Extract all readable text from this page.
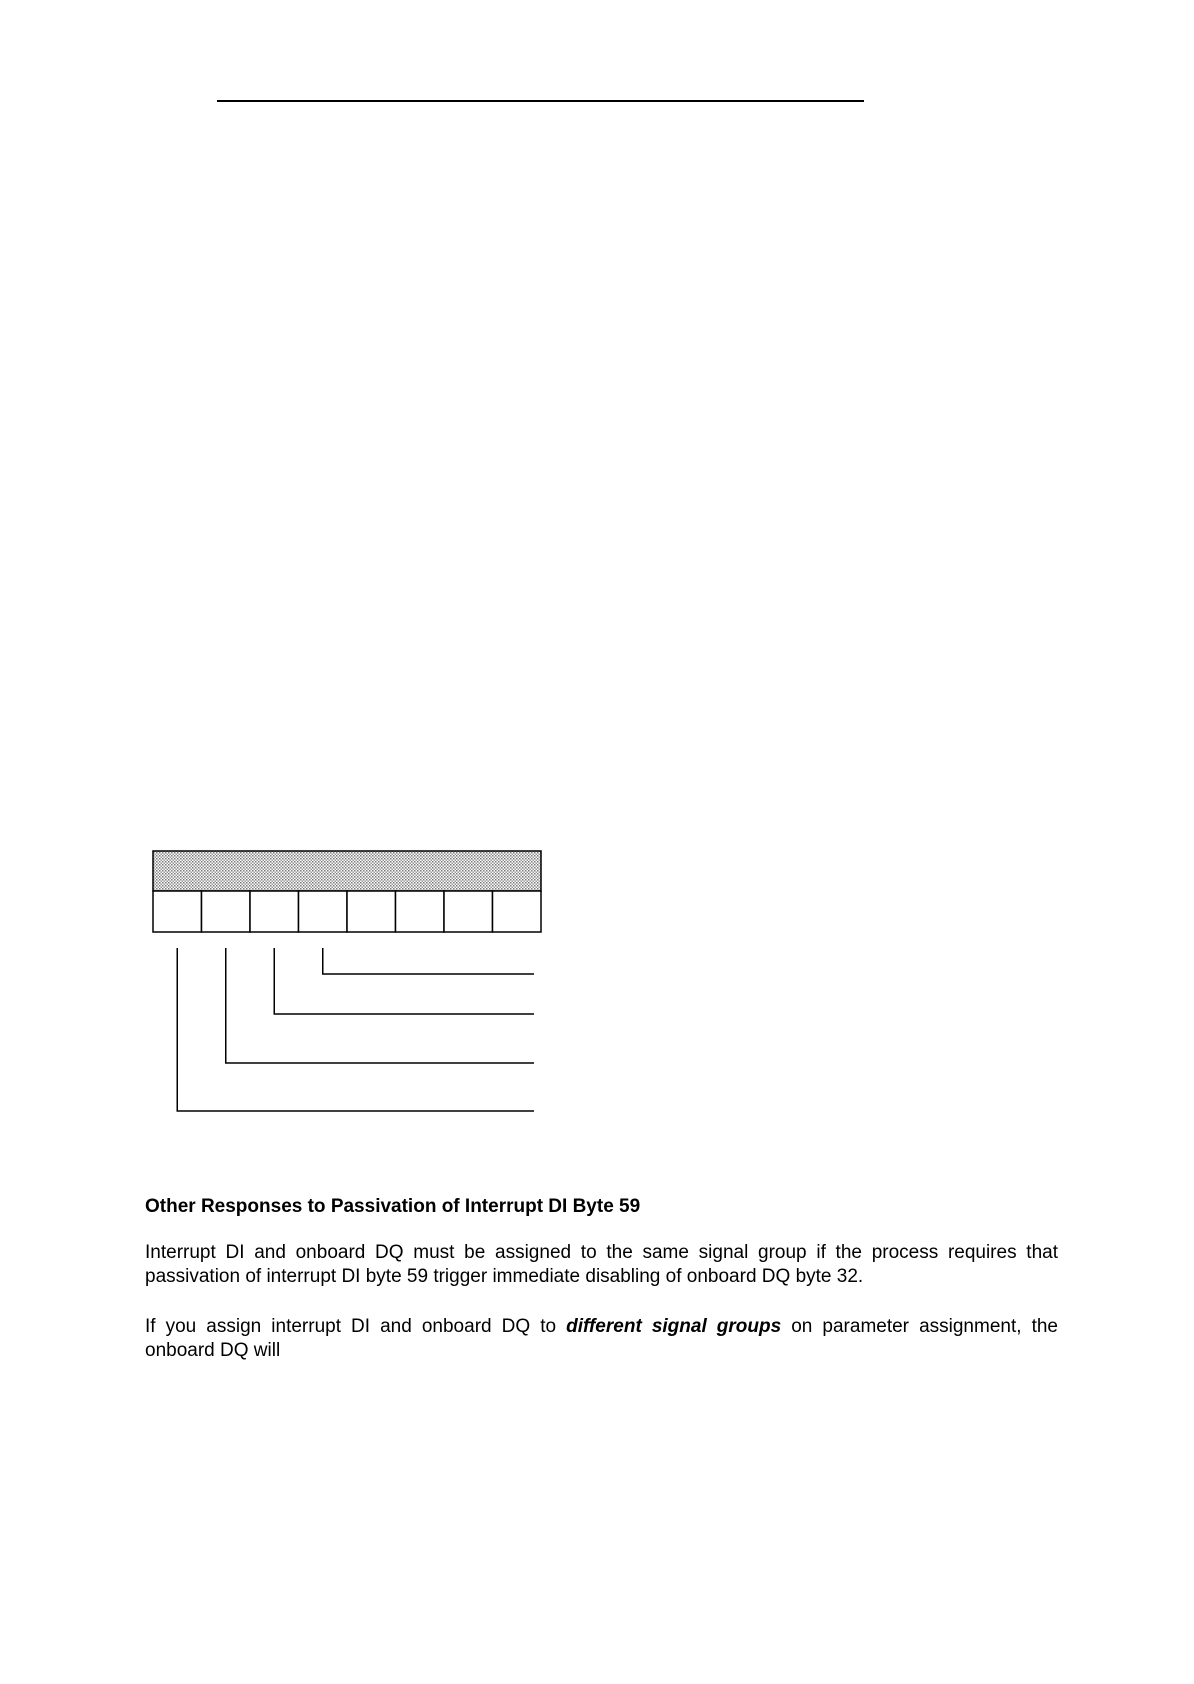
Other Responses to Passivation of Interrupt DI Byte 59

Interrupt DI and onboard DQ must be assigned to the same signal group if the process requires that passivation of interrupt DI byte 59 trigger immediate disabling of onboard DQ byte 32.

If you assign interrupt DI and onboard DQ to different signal groups on parameter assignment, the onboard DQ will
